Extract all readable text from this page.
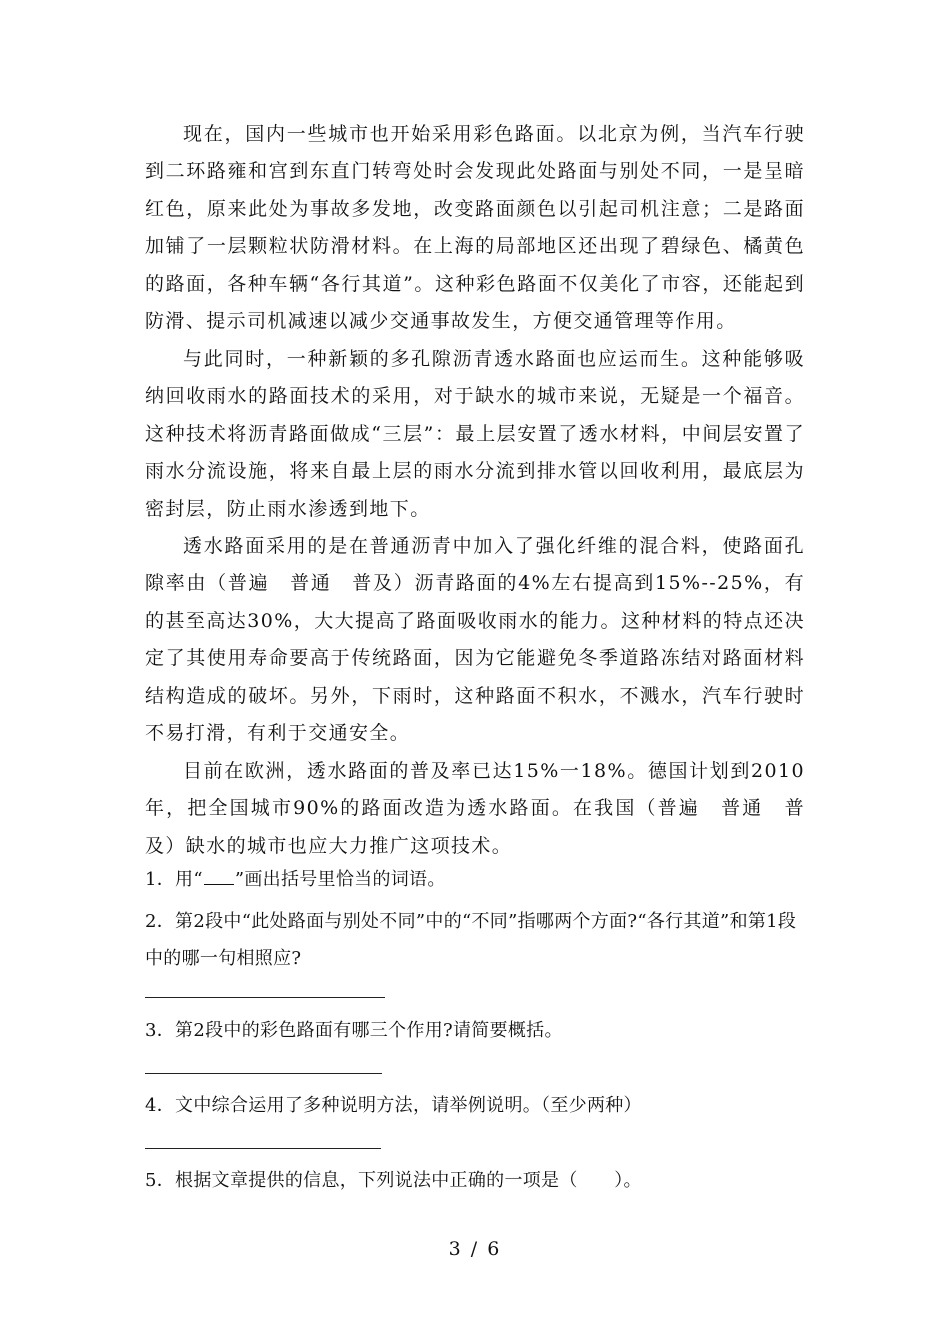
现在，国内一些城市也开始采用彩色路面。以北京为例，当汽车行驶到二环路雍和宫到东直门转弯处时会发现此处路面与别处不同，一是呈暗红色，原来此处为事故多发地，改变路面颜色以引起司机注意；二是路面加铺了一层颗粒状防滑材料。在上海的局部地区还出现了碧绿色、橘黄色的路面，各种车辆“各行其道”。这种彩色路面不仅美化了市容，还能起到防滑、提示司机减速以减少交通事故发生，方便交通管理等作用。

与此同时，一种新颖的多孔隙沥青透水路面也应运而生。这种能够吸纳回收雨水的路面技术的采用，对于缺水的城市来说，无疑是一个福音。这种技术将沥青路面做成“三层”：最上层安置了透水材料，中间层安置了雨水分流设施，将来自最上层的雨水分流到排水管以回收利用，最底层为密封层，防止雨水渗透到地下。

透水路面采用的是在普通沥青中加入了强化纤维的混合料，使路面孔隙率由（普遍　普通　普及）沥青路面的4%左右提高到15%--25%，有的甚至高达30%，大大提高了路面吸收雨水的能力。这种材料的特点还决定了其使用寿命要高于传统路面，因为它能避免冬季道路冻结对路面材料结构造成的破坏。另外，下雨时，这种路面不积水，不溅水，汽车行驶时不易打滑，有利于交通安全。

目前在欧洲，透水路面的普及率已达15%一18%。德国计划到2010年，把全国城市90%的路面改造为透水路面。在我国（普遍　普通　普及）缺水的城市也应大力推广这项技术。

1．用“ ”画出括号里恰当的词语。

2．第2段中“此处路面与别处不同”中的“不同”指哪两个方面?“各行其道”和第1段中的哪一句相照应?

3．第2段中的彩色路面有哪三个作用?请简要概括。

4．文中综合运用了多种说明方法，请举例说明。（至少两种）

5．根据文章提供的信息，下列说法中正确的一项是（　　）。

3 / 6
